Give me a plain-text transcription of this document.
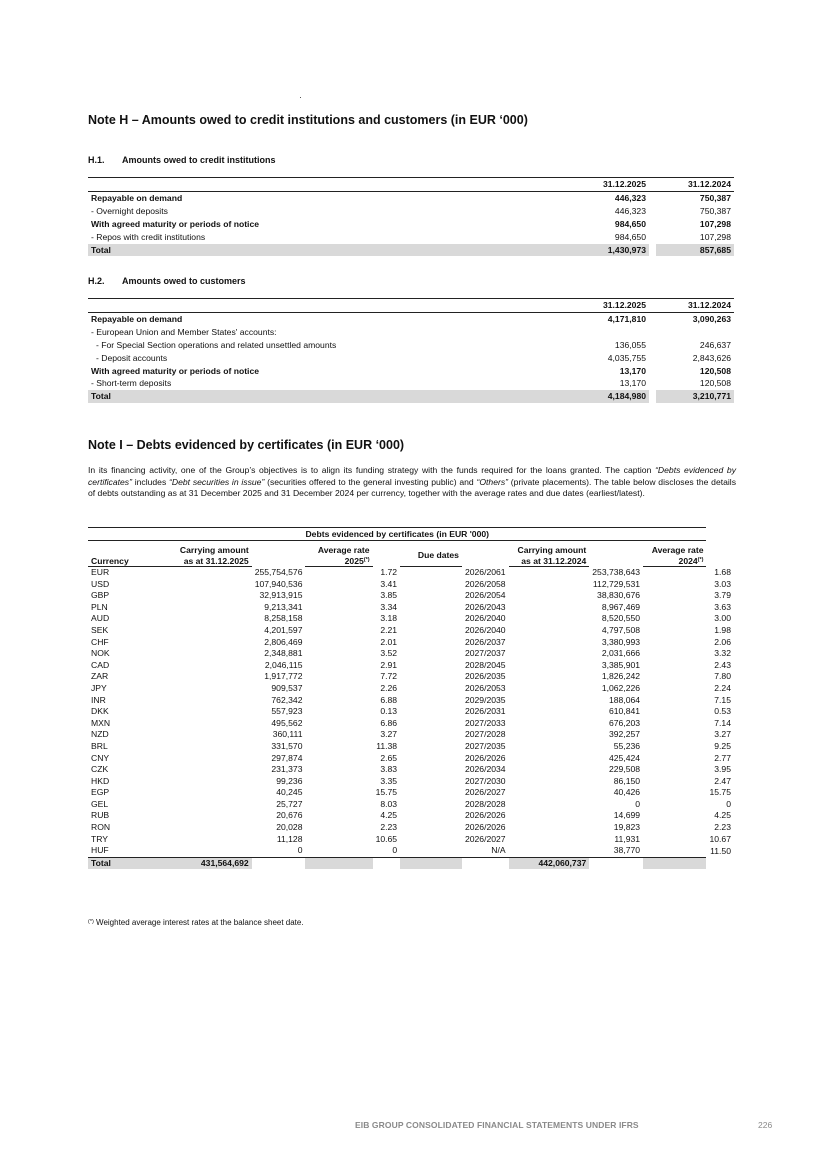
Note H – Amounts owed to credit institutions and customers (in EUR ‘000)
H.1. Amounts owed to credit institutions
	31.12.2025		31.12.2024
Repayable on demand	446,323		750,387
- Overnight deposits	446,323		750,387
With agreed maturity or periods of notice	984,650		107,298
- Repos with credit institutions	984,650		107,298
Total	1,430,973		857,685
H.2. Amounts owed to customers
	31.12.2025		31.12.2024
Repayable on demand	4,171,810		3,090,263
- European Union and Member States' accounts:			
- For Special Section operations and related unsettled amounts	136,055		246,637
- Deposit accounts	4,035,755		2,843,626
With agreed maturity or periods of notice	13,170		120,508
- Short-term deposits	13,170		120,508
Total	4,184,980		3,210,771
Note I – Debts evidenced by certificates (in EUR ‘000)
In its financing activity, one of the Group’s objectives is to align its funding strategy with the funds required for the loans granted. The caption “Debts evidenced by certificates” includes “Debt securities in issue” (securities offered to the general investing public) and “Others” (private placements). The table below discloses the details of debts outstanding as at 31 December 2025 and 31 December 2024 per currency, together with the average rates and due dates (earliest/latest).
Debts evidenced by certificates (in EUR '000)										
Currency	Carrying amount
as at 31.12.2025		Average rate
2025(*)		Due dates		Carrying amount
as at 31.12.2024		Average rate
2024(*)
EUR		255,754,576		1.72		2026/2061		253,738,643		1.68
USD		107,940,536		3.41		2026/2058		112,729,531		3.03
GBP		32,913,915		3.85		2026/2054		38,830,676		3.79
PLN		9,213,341		3.34		2026/2043		8,967,469		3.63
AUD		8,258,158		3.18		2026/2040		8,520,550		3.00
SEK		4,201,597		2.21		2026/2040		4,797,508		1.98
CHF		2,806,469		2.01		2026/2037		3,380,993		2.06
NOK		2,348,881		3.52		2027/2037		2,031,666		3.32
CAD		2,046,115		2.91		2028/2045		3,385,901		2.43
ZAR		1,917,772		7.72		2026/2035		1,826,242		7.80
JPY		909,537		2.26		2026/2053		1,062,226		2.24
INR		762,342		6.88		2029/2035		188,064		7.15
DKK		557,923		0.13		2026/2031		610,841		0.53
MXN		495,562		6.86		2027/2033		676,203		7.14
NZD		360,111		3.27		2027/2028		392,257		3.27
BRL		331,570		11.38		2027/2035		55,236		9.25
CNY		297,874		2.65		2026/2026		425,424		2.77
CZK		231,373		3.83		2026/2034		229,508		3.95
HKD		99,236		3.35		2027/2030		86,150		2.47
EGP		40,245		15.75		2026/2027		40,426		15.75
GEL		25,727		8.03		2028/2028		0		0
RUB		20,676		4.25		2026/2026		14,699		4.25
RON		20,028		2.23		2026/2026		19,823		2.23
TRY		11,128		10.65		2026/2027		11,931		10.67
HUF		0		0		N/A		38,770		11.50
Total	431,564,692						442,060,737			
(*) Weighted average interest rates at the balance sheet date.
EIB GROUP CONSOLIDATED FINANCIAL STATEMENTS UNDER IFRS	226
